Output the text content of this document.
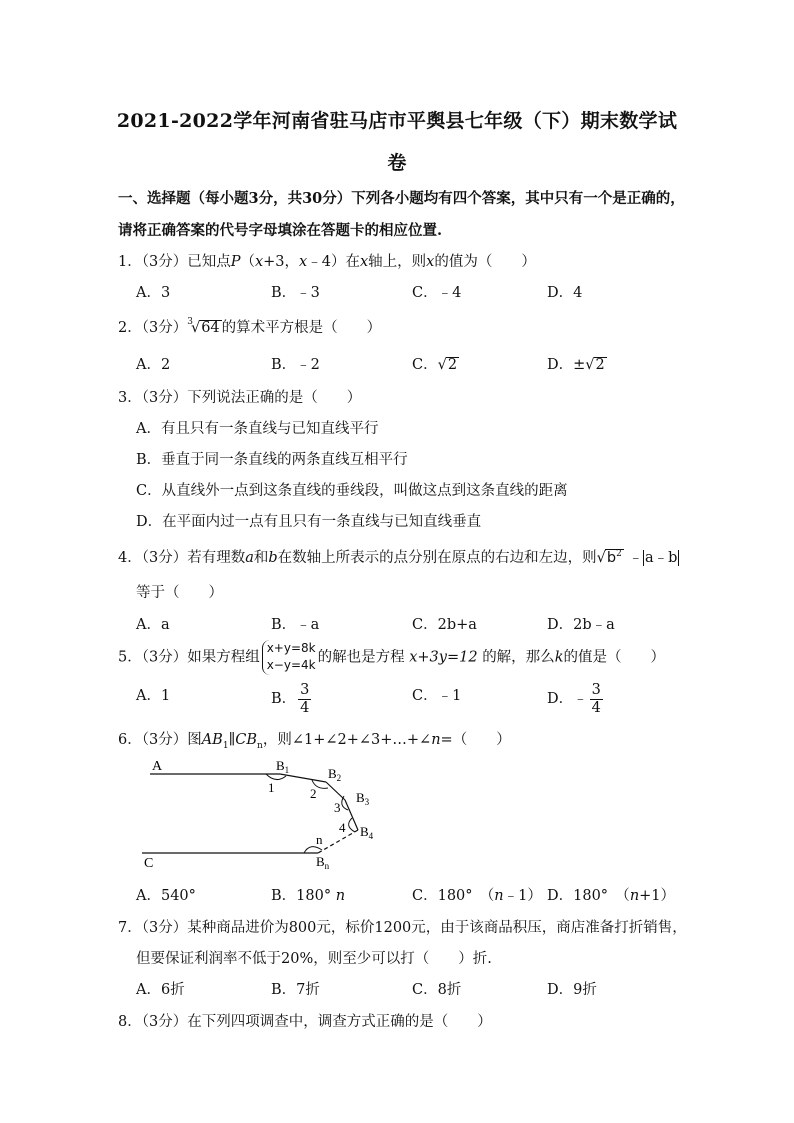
2021-2022学年河南省驻马店市平舆县七年级（下）期末数学试
卷
一、选择题（每小题3分，共30分）下列各小题均有四个答案，其中只有一个是正确的，
请将正确答案的代号字母填涂在答题卡的相应位置.
1．（3分）已知点P（x+3，x﹣4）在x轴上，则x的值为（　　）
A．3	B．﹣3	C．﹣4	D．4
2．（3分）$^3$√64 的算术平方根是（　　）
A．2	B．﹣2	C．√2	D．±√2
3．（3分）下列说法正确的是（　　）
A．有且只有一条直线与已知直线平行
B．垂直于同一条直线的两条直线互相平行
C．从直线外一点到这条直线的垂线段，叫做这点到这条直线的距离
D．在平面内过一点有且只有一条直线与已知直线垂直
4．（3分）若有理数a和b在数轴上所表示的点分别在原点的右边和左边，则$√b^2$ ﹣ a﹣b
等于（　　）
A．a	B．﹣a	C．2b+a	D．2b﹣a
5．（3分）如果方程组
x+y=8k
x−y=4k 的解也是方程 x+3y=12 的解，那么k的值是（　　）
A．1	B． $\frac{3}{4}$	C．﹣1	D．﹣ $\frac{3}{4}$
6．（3分）图$AB_1\parallel CB_n$，则∠1+∠2+∠3+…+∠n=（　　）
A
C
$B_1$	$B_2$
$B_3$
$B_4$
$B_n$
1	2
3
4
n
A．540°	B．180° n	C．180°　（n﹣1） D．180°　（n+1）
7．（3分）某种商品进价为800元，标价1200元，由于该商品积压，商店准备打折销售，
但要保证利润率不低于20%，则至少可以打（　　）折.
A．6折	B．7折	C．8折	D．9折
8．（3分）在下列四项调查中，调查方式正确的是（　　）
